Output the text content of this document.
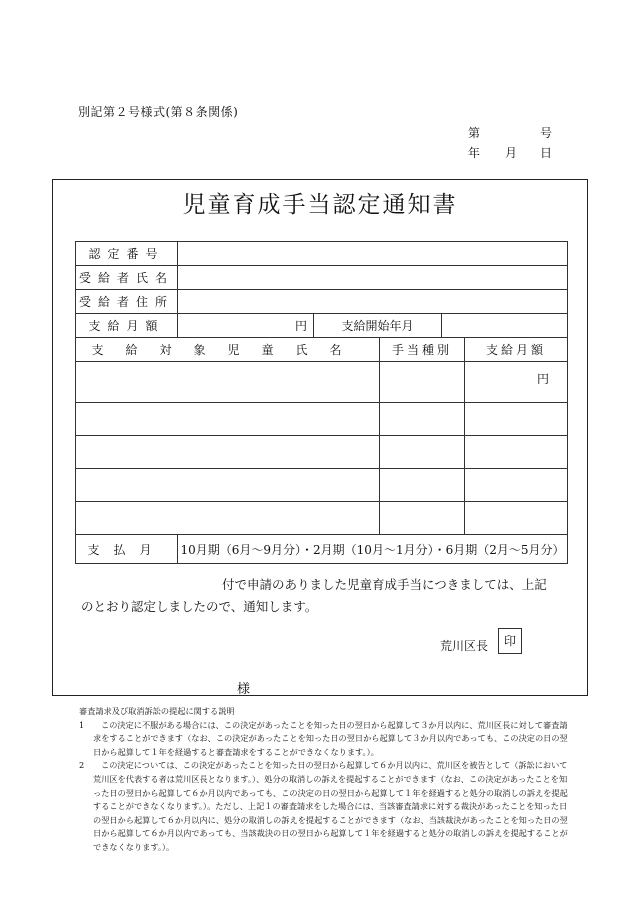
別記第２号様式(第８条関係)
第	号
年 月 日
児童育成手当認定通知書
認定番号					
受給者氏名					
受給者住所					
支給月額	円	支給開始年月			
支給対象児童氏名			手当種別		支給月額
					円

支払月	10月期（6月～9月分）・2月期（10月～1月分）・6月期（2月～5月分）				
付で申請のありました児童育成手当につきましては、上記
のとおり認定しましたので、通知します。
荒川区長	印
様
審査請求及び取消訴訟の提起に関する説明
1	この決定に不服がある場合には、この決定があったことを知った日の翌日から起算して３か月以内に、荒川区長に対して審査請求をすることができます（なお、この決定があったことを知った日の翌日から起算して３か月以内であっても、この決定の日の翌日から起算して１年を経過すると審査請求をすることができなくなります。）。
2	この決定については、この決定があったことを知った日の翌日から起算して６か月以内に、荒川区を被告として（訴訟において荒川区を代表する者は荒川区長となります。）、処分の取消しの訴えを提起することができます（なお、この決定があったことを知った日の翌日から起算して６か月以内であっても、この決定の日の翌日から起算して１年を経過すると処分の取消しの訴えを提起することができなくなります。）。ただし、上記１の審査請求をした場合には、当該審査請求に対する裁決があったことを知った日の翌日から起算して６か月以内に、処分の取消しの訴えを提起することができます（なお、当該裁決があったことを知った日の翌日から起算して６か月以内であっても、当該裁決の日の翌日から起算して１年を経過すると処分の取消しの訴えを提起することができなくなります。）。
